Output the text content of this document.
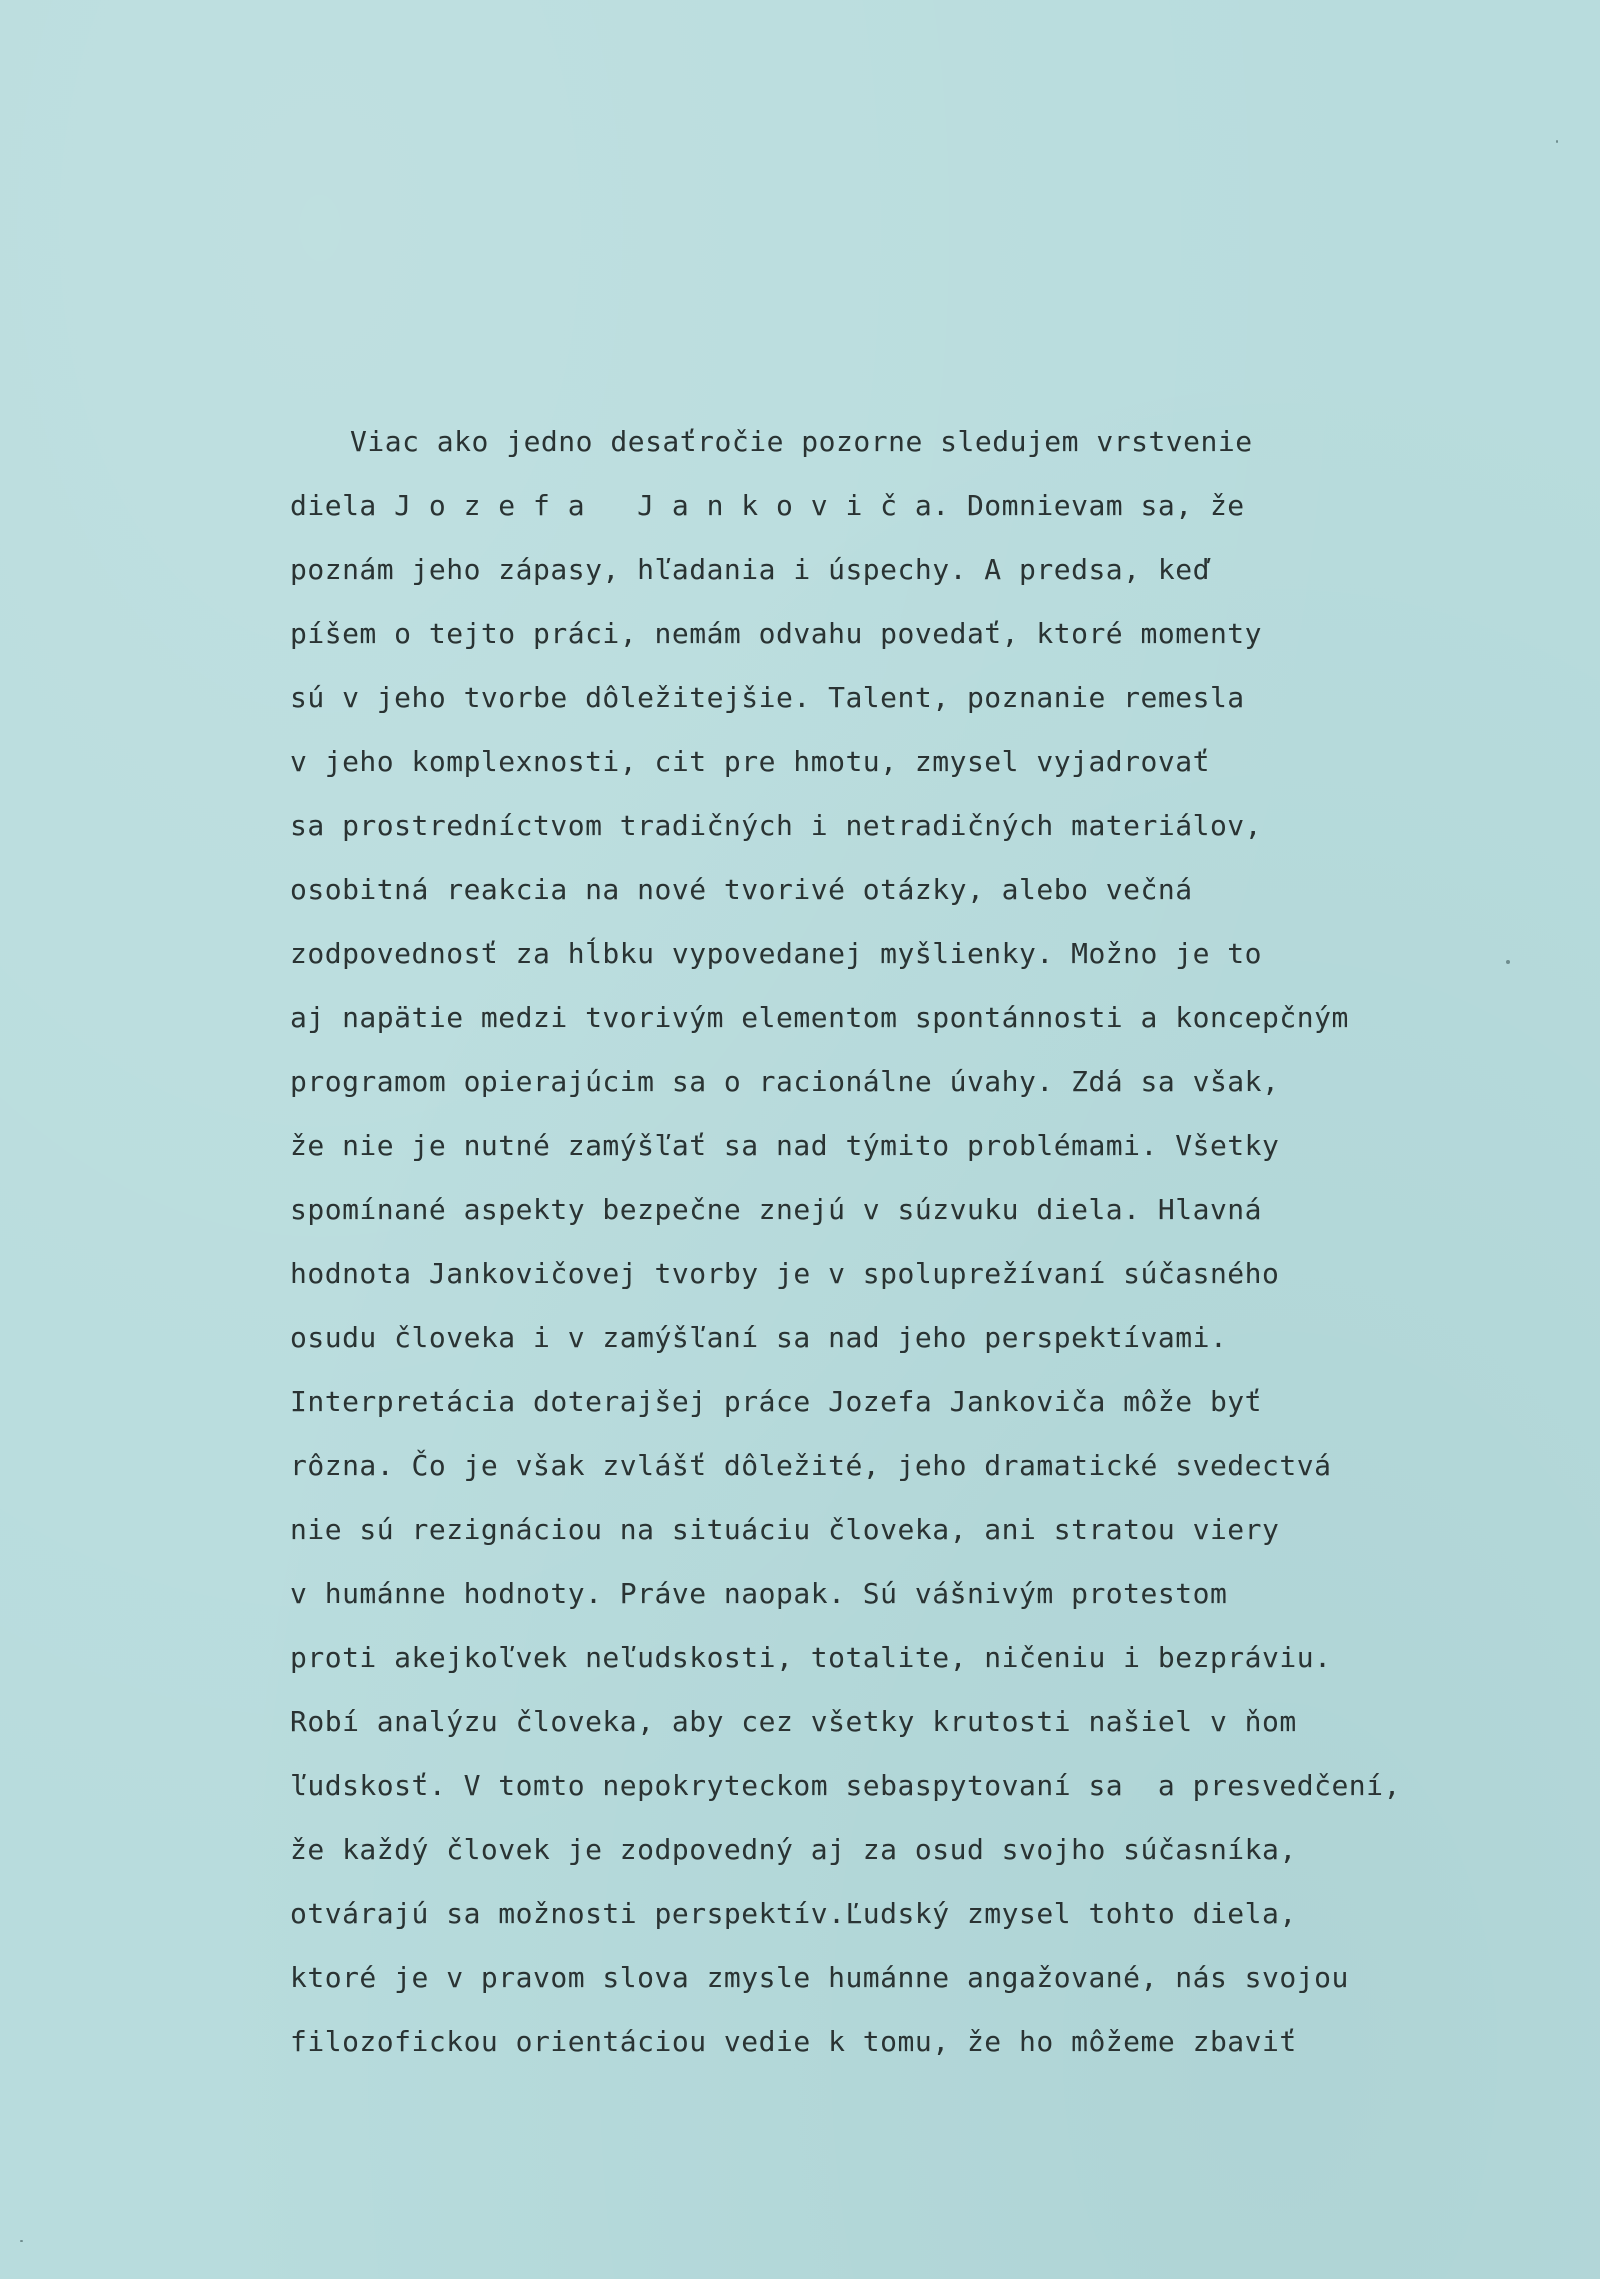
Viac ako jedno desaťročie pozorne sledujem vrstvenie
diela J o z e f a   J a n k o v i č a. Domnievam sa, že
poznám jeho zápasy, hľadania i úspechy. A predsa, keď
píšem o tejto práci, nemám odvahu povedať, ktoré momenty
sú v jeho tvorbe dôležitejšie. Talent, poznanie remesla
v jeho komplexnosti, cit pre hmotu, zmysel vyjadrovať
sa prostredníctvom tradičných i netradičných materiálov,
osobitná reakcia na nové tvorivé otázky, alebo večná
zodpovednosť za hĺbku vypovedanej myšlienky. Možno je to
aj napätie medzi tvorivým elementom spontánnosti a koncepčným
programom opierajúcim sa o racionálne úvahy. Zdá sa však,
že nie je nutné zamýšľať sa nad týmito problémami. Všetky
spomínané aspekty bezpečne znejú v súzvuku diela. Hlavná
hodnota Jankovičovej tvorby je v spoluprežívaní súčasného
osudu človeka i v zamýšľaní sa nad jeho perspektívami.
Interpretácia doterajšej práce Jozefa Jankoviča môže byť
rôzna. Čo je však zvlášť dôležité, jeho dramatické svedectvá
nie sú rezignáciou na situáciu človeka, ani stratou viery
v humánne hodnoty. Práve naopak. Sú vášnivým protestom
proti akejkoľvek neľudskosti, totalite, ničeniu i bezpráviu.
Robí analýzu človeka, aby cez všetky krutosti našiel v ňom
ľudskosť. V tomto nepokryteckom sebaspytovaní sa  a presvedčení,
že každý človek je zodpovedný aj za osud svojho súčasníka,
otvárajú sa možnosti perspektív.Ľudský zmysel tohto diela,
ktoré je v pravom slova zmysle humánne angažované, nás svojou
filozofickou orientáciou vedie k tomu, že ho môžeme zbaviť
